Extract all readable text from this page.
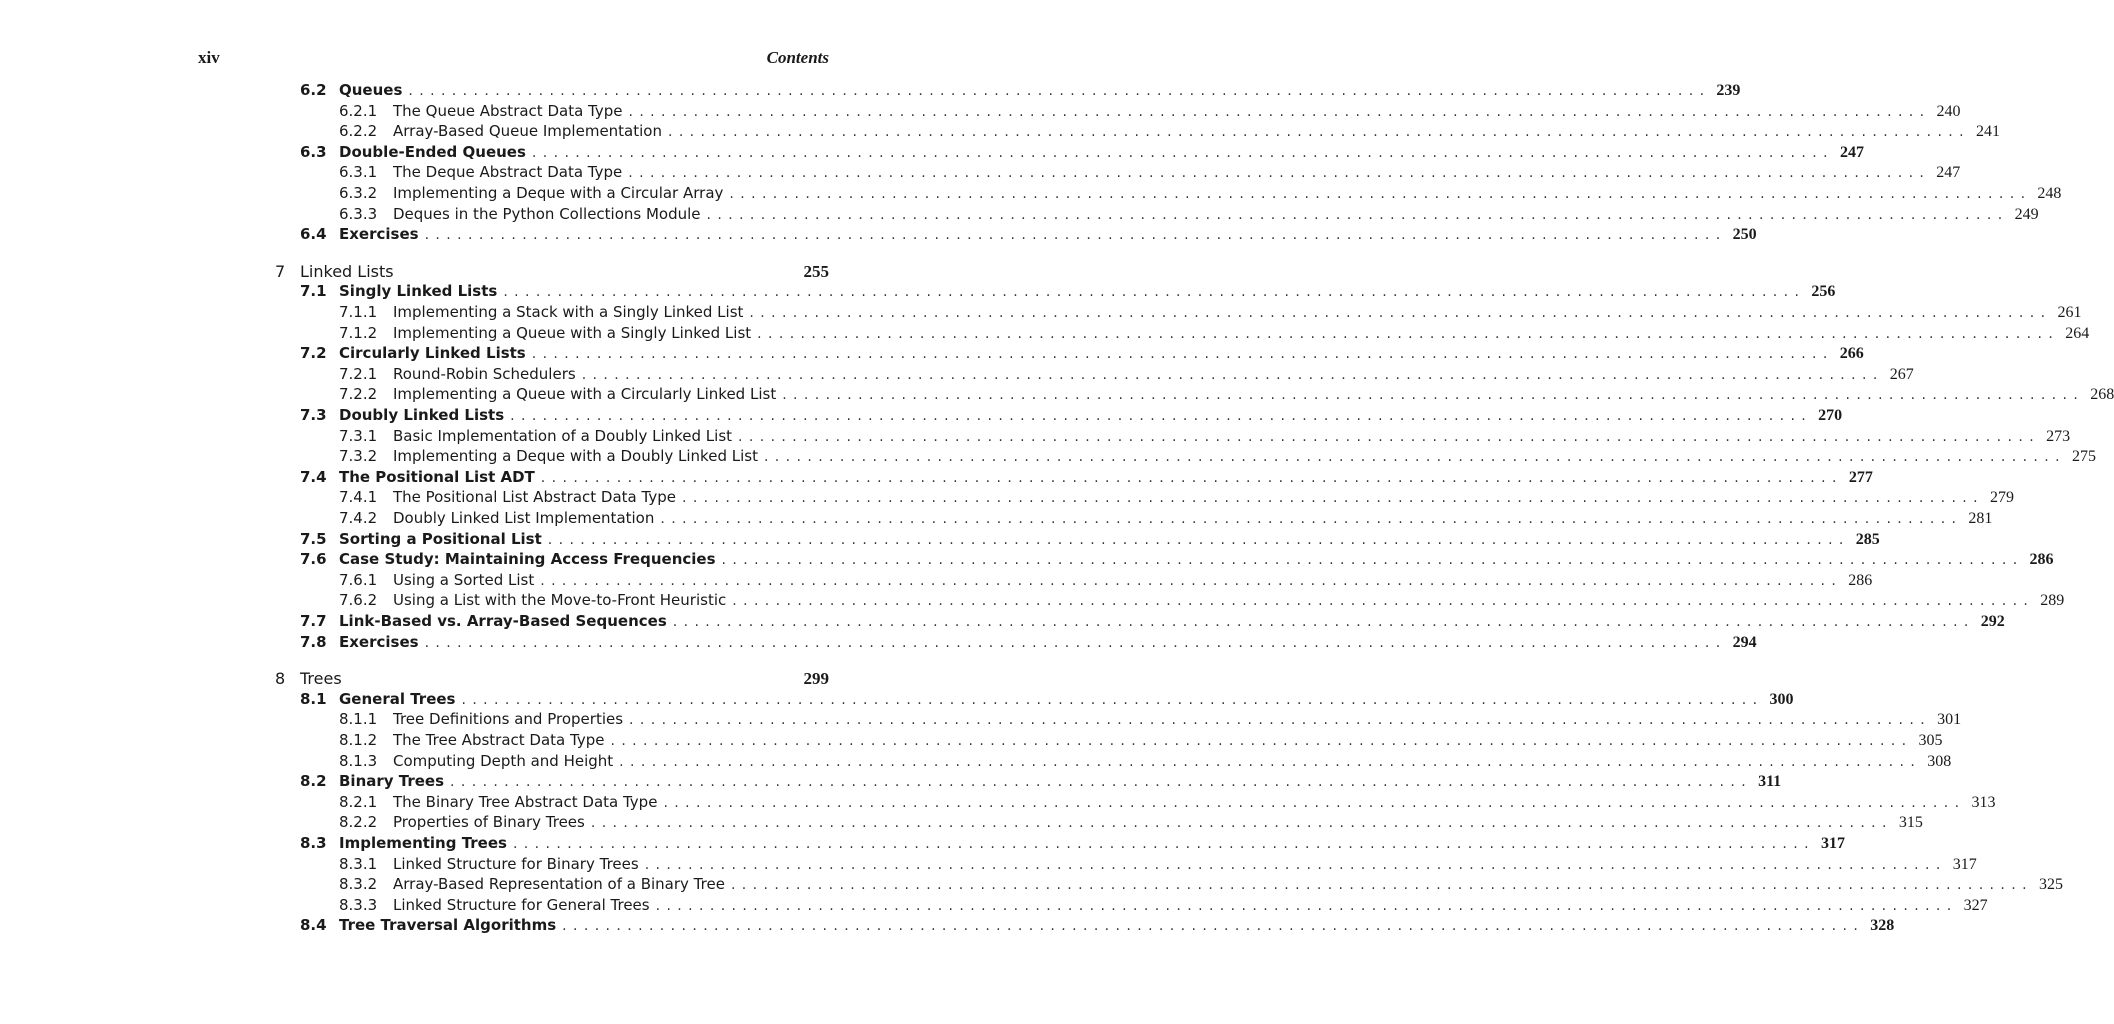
xiv	Contents
6.2 Queues ........................................................................................................................ 239
6.2.1	The Queue Abstract Data Type ........................................................................................................................ 240
6.2.2	Array-Based Queue Implementation ........................................................................................................................ 241
6.3 Double-Ended Queues ........................................................................................................................ 247
6.3.1	The Deque Abstract Data Type ........................................................................................................................ 247
6.3.2	Implementing a Deque with a Circular Array ........................................................................................................................ 248
6.3.3	Deques in the Python Collections Module ........................................................................................................................ 249
6.4 Exercises ........................................................................................................................ 250
7 Linked Lists	255
7.1 Singly Linked Lists ........................................................................................................................ 256
7.1.1	Implementing a Stack with a Singly Linked List ........................................................................................................................ 261
7.1.2	Implementing a Queue with a Singly Linked List ........................................................................................................................ 264
7.2 Circularly Linked Lists ........................................................................................................................ 266
7.2.1	Round-Robin Schedulers ........................................................................................................................ 267
7.2.2	Implementing a Queue with a Circularly Linked List ........................................................................................................................ 268
7.3 Doubly Linked Lists ........................................................................................................................ 270
7.3.1	Basic Implementation of a Doubly Linked List ........................................................................................................................ 273
7.3.2	Implementing a Deque with a Doubly Linked List ........................................................................................................................ 275
7.4 The Positional List ADT ........................................................................................................................ 277
7.4.1	The Positional List Abstract Data Type ........................................................................................................................ 279
7.4.2	Doubly Linked List Implementation ........................................................................................................................ 281
7.5 Sorting a Positional List ........................................................................................................................ 285
7.6 Case Study: Maintaining Access Frequencies ........................................................................................................................ 286
7.6.1	Using a Sorted List ........................................................................................................................ 286
7.6.2	Using a List with the Move-to-Front Heuristic ........................................................................................................................ 289
7.7 Link-Based vs. Array-Based Sequences ........................................................................................................................ 292
7.8 Exercises ........................................................................................................................ 294
8 Trees	299
8.1 General Trees ........................................................................................................................ 300
8.1.1	Tree Definitions and Properties ........................................................................................................................ 301
8.1.2	The Tree Abstract Data Type ........................................................................................................................ 305
8.1.3	Computing Depth and Height ........................................................................................................................ 308
8.2 Binary Trees ........................................................................................................................ 311
8.2.1	The Binary Tree Abstract Data Type ........................................................................................................................ 313
8.2.2	Properties of Binary Trees ........................................................................................................................ 315
8.3 Implementing Trees ........................................................................................................................ 317
8.3.1	Linked Structure for Binary Trees ........................................................................................................................ 317
8.3.2	Array-Based Representation of a Binary Tree ........................................................................................................................ 325
8.3.3	Linked Structure for General Trees ........................................................................................................................ 327
8.4 Tree Traversal Algorithms ........................................................................................................................ 328
